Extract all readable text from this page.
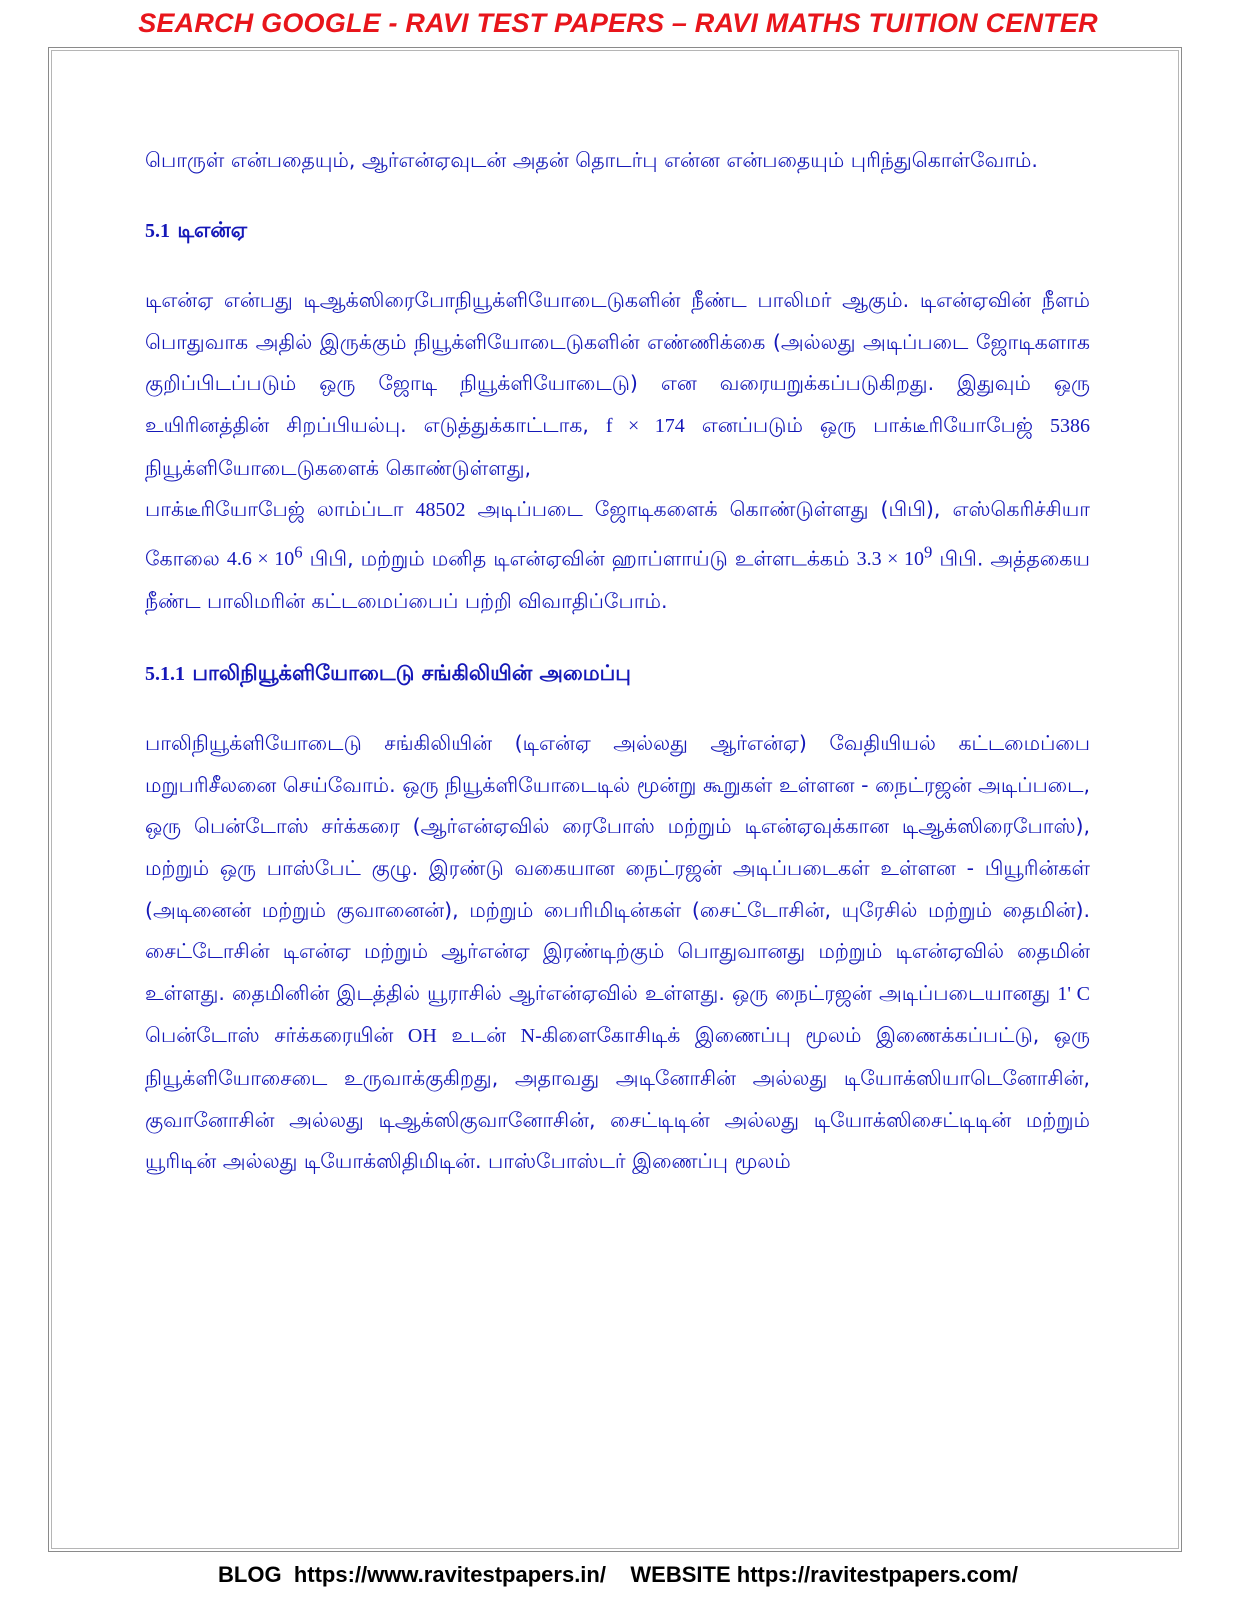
SEARCH GOOGLE - RAVI TEST PAPERS – RAVI MATHS TUITION CENTER

பொருள் என்பதையும், ஆர்என்ஏவுடன் அதன் தொடர்பு என்ன என்பதையும் புரிந்துகொள்வோம்.

5.1 டிஎன்ஏ

டிஎன்ஏ என்பது டிஆக்ஸிரைபோநியூக்ளியோடைடுகளின் நீண்ட பாலிமர் ஆகும். டிஎன்ஏவின் நீளம் பொதுவாக அதில் இருக்கும் நியூக்ளியோடைடுகளின் எண்ணிக்கை (அல்லது அடிப்படை ஜோடிகளாக குறிப்பிடப்படும் ஒரு ஜோடி நியூக்ளியோடைடு) என வரையறுக்கப்படுகிறது. இதுவும் ஒரு உயிரினத்தின் சிறப்பியல்பு. எடுத்துக்காட்டாக, f × 174 எனப்படும் ஒரு பாக்டீரியோபேஜ் 5386 நியூக்ளியோடைடுகளைக் கொண்டுள்ளது,

பாக்டீரியோபேஜ் லாம்ப்டா 48502 அடிப்படை ஜோடிகளைக் கொண்டுள்ளது (பிபி), எஸ்கெரிச்சியா கோலை $4.6 \times 10^6$ பிபி, மற்றும் மனித டிஎன்ஏவின் ஹாப்ளாய்டு உள்ளடக்கம் $3.3 \times 10^9$ பிபி. அத்தகைய நீண்ட பாலிமரின் கட்டமைப்பைப் பற்றி விவாதிப்போம்.

5.1.1 பாலிநியூக்ளியோடைடு சங்கிலியின் அமைப்பு

பாலிநியூக்ளியோடைடு சங்கிலியின் (டிஎன்ஏ அல்லது ஆர்என்ஏ) வேதியியல் கட்டமைப்பை மறுபரிசீலனை செய்வோம். ஒரு நியூக்ளியோடைடில் மூன்று கூறுகள் உள்ளன - நைட்ரஜன் அடிப்படை, ஒரு பென்டோஸ் சர்க்கரை (ஆர்என்ஏவில் ரைபோஸ் மற்றும் டிஎன்ஏவுக்கான டிஆக்ஸிரைபோஸ்), மற்றும் ஒரு பாஸ்பேட் குழு. இரண்டு வகையான நைட்ரஜன் அடிப்படைகள் உள்ளன - பியூரின்கள் (அடினைன் மற்றும் குவானைன்), மற்றும் பைரிமிடின்கள் (சைட்டோசின், யுரேசில் மற்றும் தைமின்). சைட்டோசின் டிஎன்ஏ மற்றும் ஆர்என்ஏ இரண்டிற்கும் பொதுவானது மற்றும் டிஎன்ஏவில் தைமின் உள்ளது. தைமினின் இடத்தில் யூராசில் ஆர்என்ஏவில் உள்ளது. ஒரு நைட்ரஜன் அடிப்படையானது 1' C பென்டோஸ் சர்க்கரையின் OH உடன் N-கிளைகோசிடிக் இணைப்பு மூலம் இணைக்கப்பட்டு, ஒரு நியூக்ளியோசைடை உருவாக்குகிறது, அதாவது அடினோசின் அல்லது டியோக்ஸியாடெனோசின், குவானோசின் அல்லது டிஆக்ஸிகுவானோசின், சைட்டிடின் அல்லது டியோக்ஸிசைட்டிடின் மற்றும் யூரிடின் அல்லது டியோக்ஸிதிமிடின். பாஸ்போஸ்டர் இணைப்பு மூலம்

BLOG https://www.ravitestpapers.in/ WEBSITE https://ravitestpapers.com/
